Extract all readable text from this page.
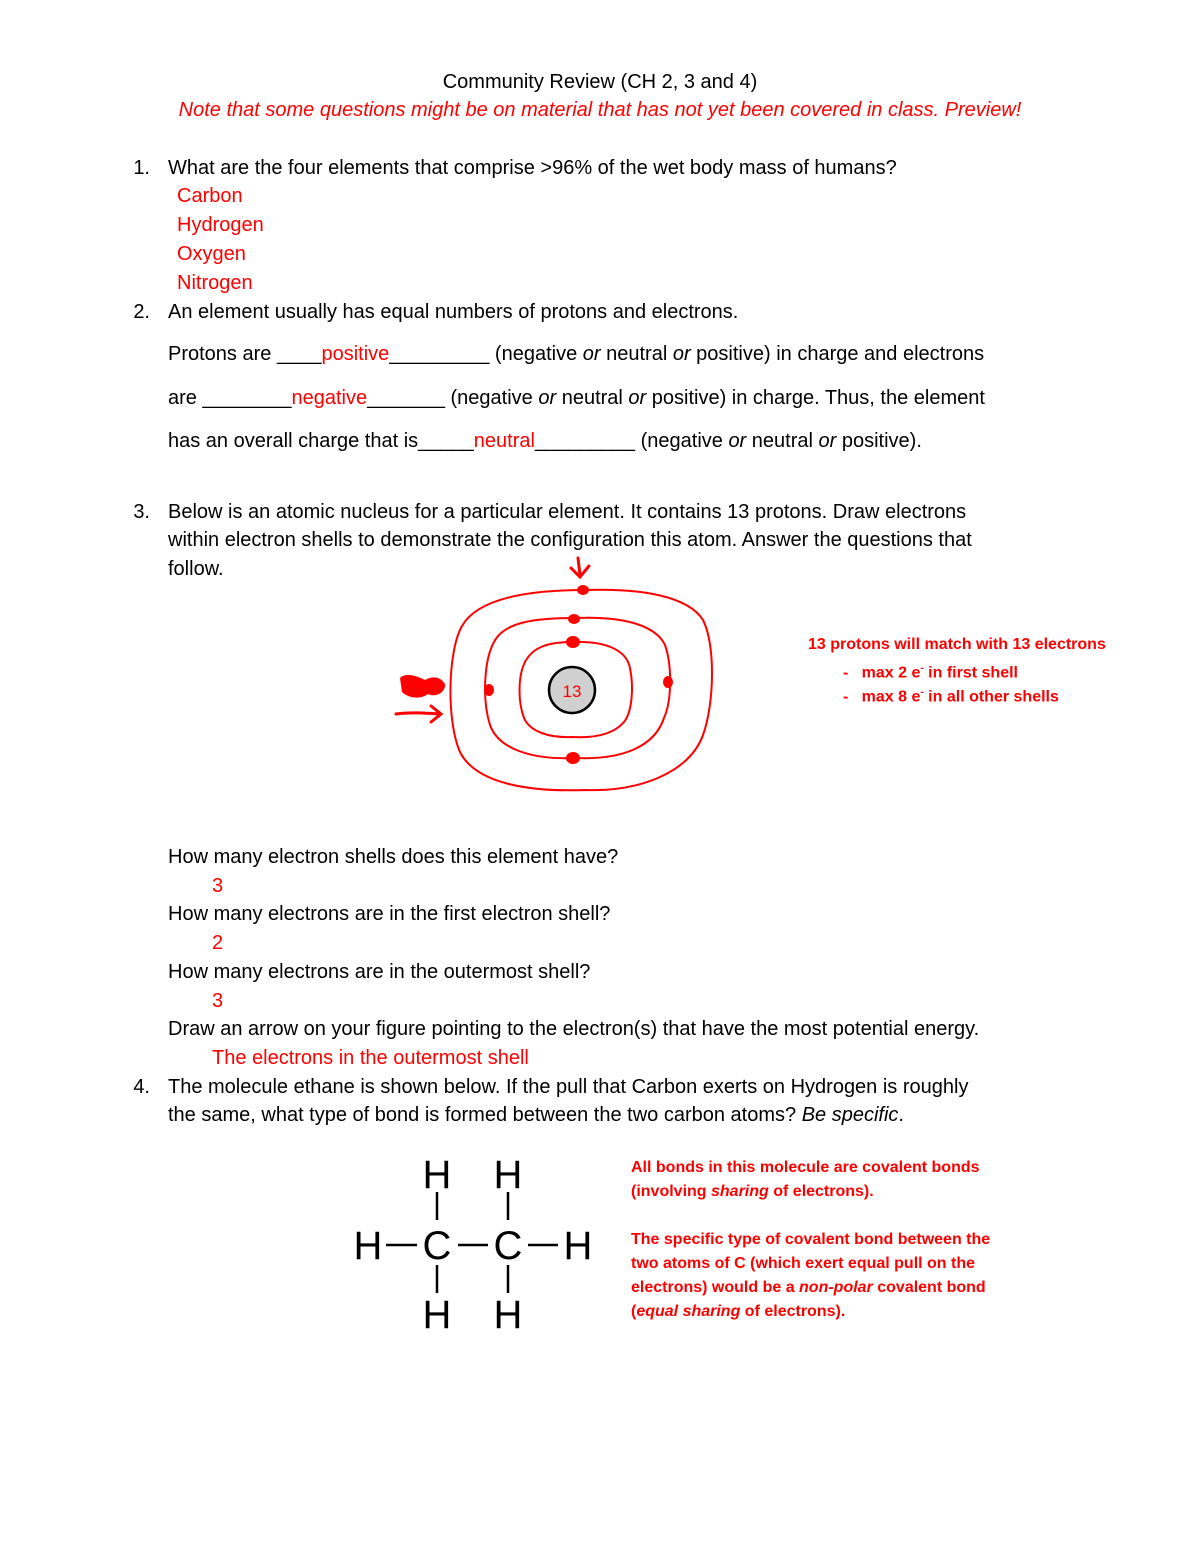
Community Review (CH 2, 3 and 4)
Note that some questions might be on material that has not yet been covered in class. Preview!
1. What are the four elements that comprise >96% of the wet body mass of humans?
Carbon
Hydrogen
Oxygen
Nitrogen
2. An element usually has equal numbers of protons and electrons.
Protons are ____positive_________ (negative or neutral or positive) in charge and electrons
are ________negative_______ (negative or neutral or positive) in charge. Thus, the element
has an overall charge that is_____neutral_________ (negative or neutral or positive).
3. Below is an atomic nucleus for a particular element. It contains 13 protons. Draw electrons
within electron shells to demonstrate the configuration this atom. Answer the questions that
follow.
13
13 protons will match with 13 electrons
- max 2 e- in first shell
- max 8 e- in all other shells
How many electron shells does this element have?
3
How many electrons are in the first electron shell?
2
How many electrons are in the outermost shell?
3
Draw an arrow on your figure pointing to the electron(s) that have the most potential energy.
The electrons in the outermost shell
4. The molecule ethane is shown below. If the pull that Carbon exerts on Hydrogen is roughly
the same, what type of bond is formed between the two carbon atoms? Be specific.
H H
H C C H
H H
All bonds in this molecule are covalent bonds
(involving sharing of electrons).
The specific type of covalent bond between the
two atoms of C (which exert equal pull on the
electrons) would be a non-polar covalent bond
(equal sharing of electrons).
